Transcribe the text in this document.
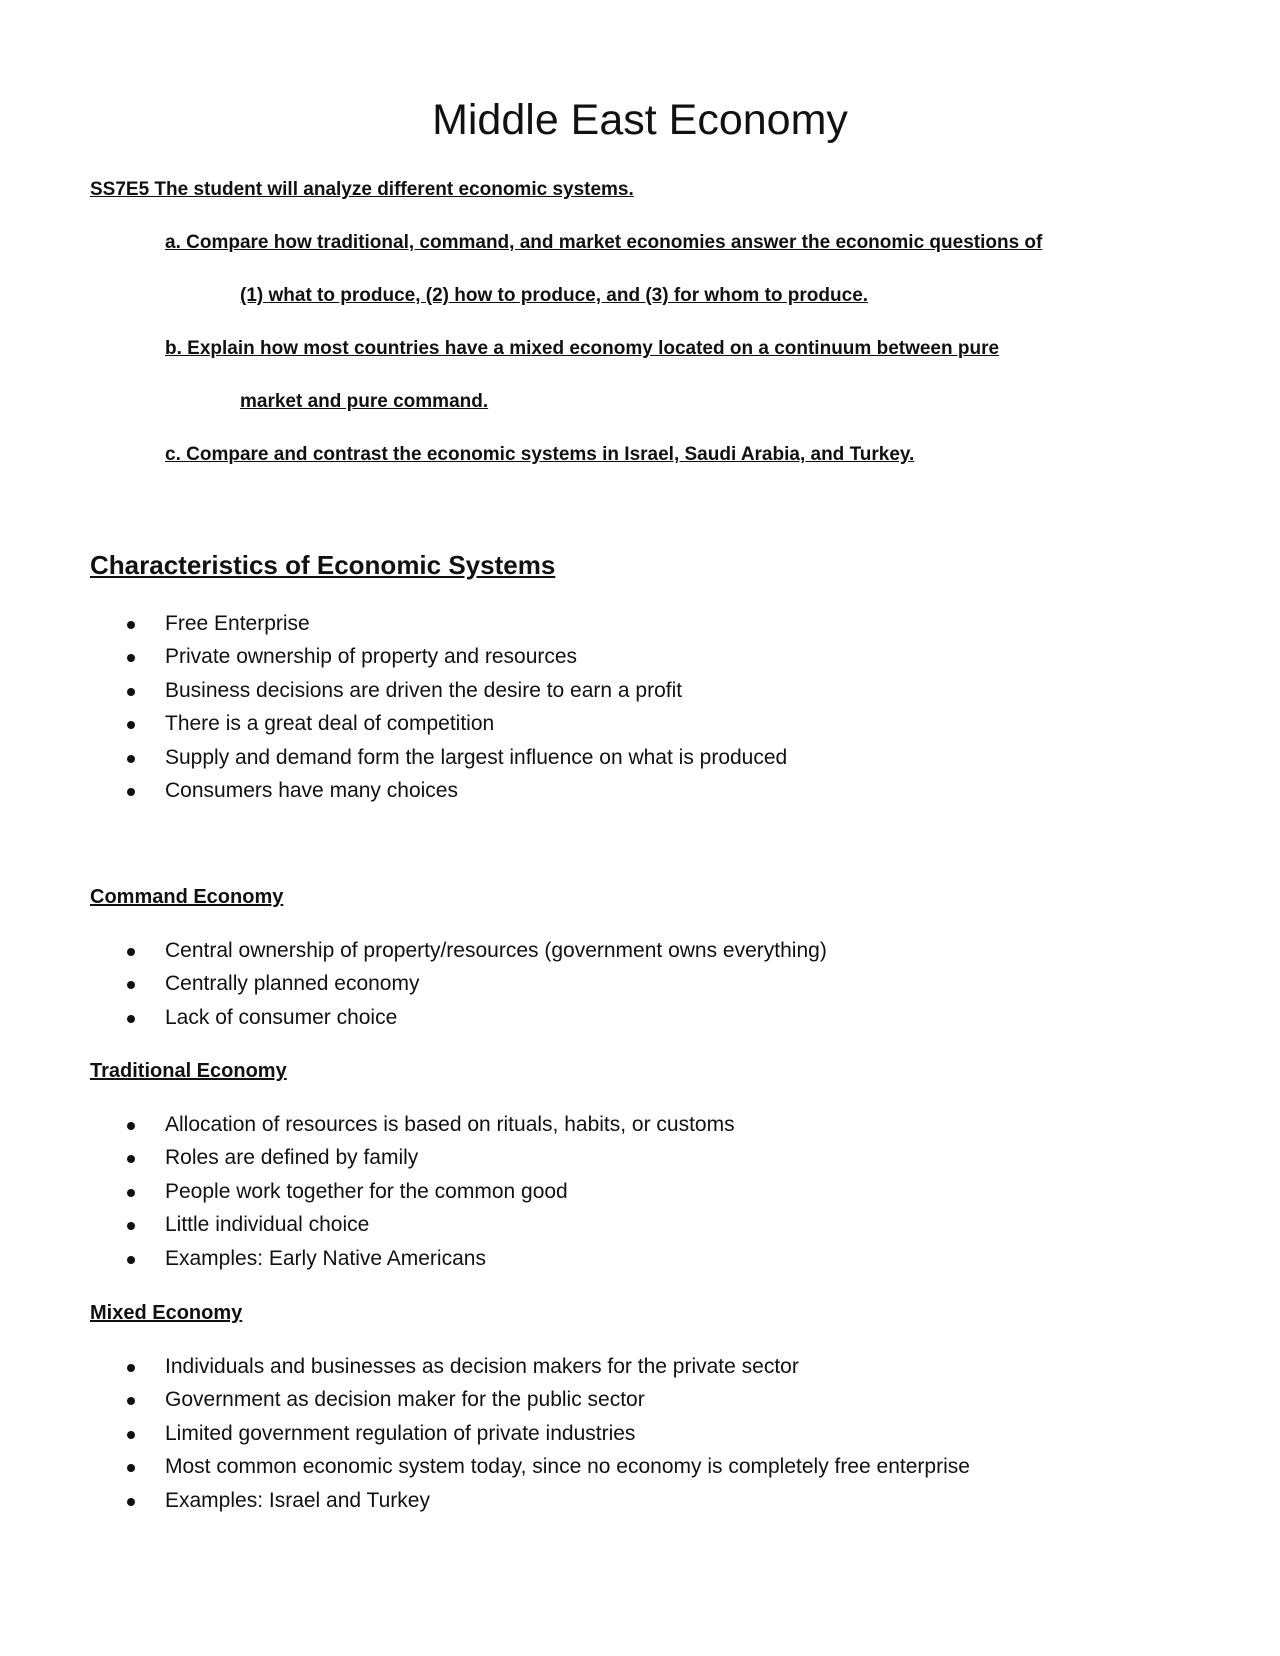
Middle East Economy

SS7E5 The student will analyze different economic systems.

a. Compare how traditional, command, and market economies answer the economic questions of

(1) what to produce, (2) how to produce, and (3) for whom to produce.

b. Explain how most countries have a mixed economy located on a continuum between pure

market and pure command.

c. Compare and contrast the economic systems in Israel, Saudi Arabia, and Turkey.

Characteristics of Economic Systems
Free Enterprise
Private ownership of property and resources
Business decisions are driven the desire to earn a profit
There is a great deal of competition
Supply and demand form the largest influence on what is produced
Consumers have many choices
Command Economy
Central ownership of property/resources (government owns everything)
Centrally planned economy
Lack of consumer choice
Traditional Economy
Allocation of resources is based on rituals, habits, or customs
Roles are defined by family
People work together for the common good
Little individual choice
Examples: Early Native Americans
Mixed Economy
Individuals and businesses as decision makers for the private sector
Government as decision maker for the public sector
Limited government regulation of private industries
Most common economic system today, since no economy is completely free enterprise
Examples: Israel and Turkey
